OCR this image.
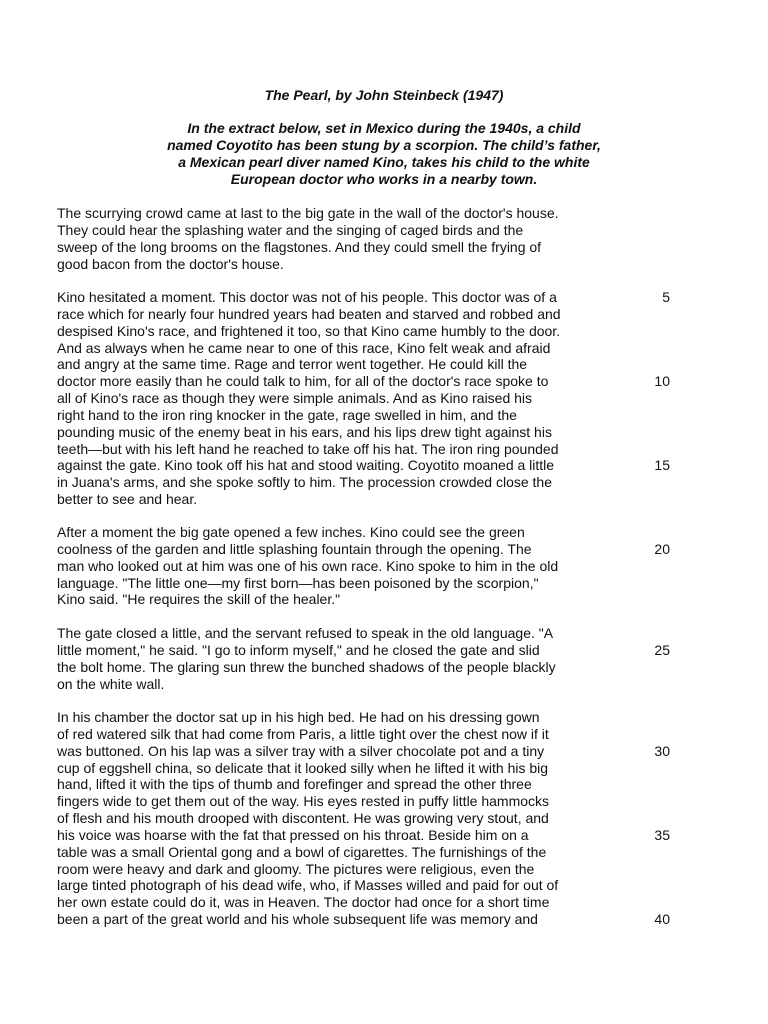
The Pearl, by John Steinbeck (1947)
In the extract below, set in Mexico during the 1940s, a child
named Coyotito has been stung by a scorpion. The child’s father,
a Mexican pearl diver named Kino, takes his child to the white
European doctor who works in a nearby town.
The scurrying crowd came at last to the big gate in the wall of the doctor's house.
They could hear the splashing water and the singing of caged birds and the
sweep of the long brooms on the flagstones. And they could smell the frying of
good bacon from the doctor's house.
Kino hesitated a moment. This doctor was not of his people. This doctor was of a
race which for nearly four hundred years had beaten and starved and robbed and
despised Kino's race, and frightened it too, so that Kino came humbly to the door.
And as always when he came near to one of this race, Kino felt weak and afraid
and angry at the same time. Rage and terror went together. He could kill the
doctor more easily than he could talk to him, for all of the doctor's race spoke to
all of Kino's race as though they were simple animals. And as Kino raised his
right hand to the iron ring knocker in the gate, rage swelled in him, and the
pounding music of the enemy beat in his ears, and his lips drew tight against his
teeth—but with his left hand he reached to take off his hat. The iron ring pounded
against the gate. Kino took off his hat and stood waiting. Coyotito moaned a little
in Juana's arms, and she spoke softly to him. The procession crowded close the
better to see and hear.
After a moment the big gate opened a few inches. Kino could see the green
coolness of the garden and little splashing fountain through the opening. The
man who looked out at him was one of his own race. Kino spoke to him in the old
language. "The little one—my first born—has been poisoned by the scorpion,"
Kino said. "He requires the skill of the healer."
The gate closed a little, and the servant refused to speak in the old language. "A
little moment," he said. "I go to inform myself," and he closed the gate and slid
the bolt home. The glaring sun threw the bunched shadows of the people blackly
on the white wall.
In his chamber the doctor sat up in his high bed. He had on his dressing gown
of red watered silk that had come from Paris, a little tight over the chest now if it
was buttoned. On his lap was a silver tray with a silver chocolate pot and a tiny
cup of eggshell china, so delicate that it looked silly when he lifted it with his big
hand, lifted it with the tips of thumb and forefinger and spread the other three
fingers wide to get them out of the way. His eyes rested in puffy little hammocks
of flesh and his mouth drooped with discontent. He was growing very stout, and
his voice was hoarse with the fat that pressed on his throat. Beside him on a
table was a small Oriental gong and a bowl of cigarettes. The furnishings of the
room were heavy and dark and gloomy. The pictures were religious, even the
large tinted photograph of his dead wife, who, if Masses willed and paid for out of
her own estate could do it, was in Heaven. The doctor had once for a short time
been a part of the great world and his whole subsequent life was memory and
5
10
15
20
25
30
35
40
